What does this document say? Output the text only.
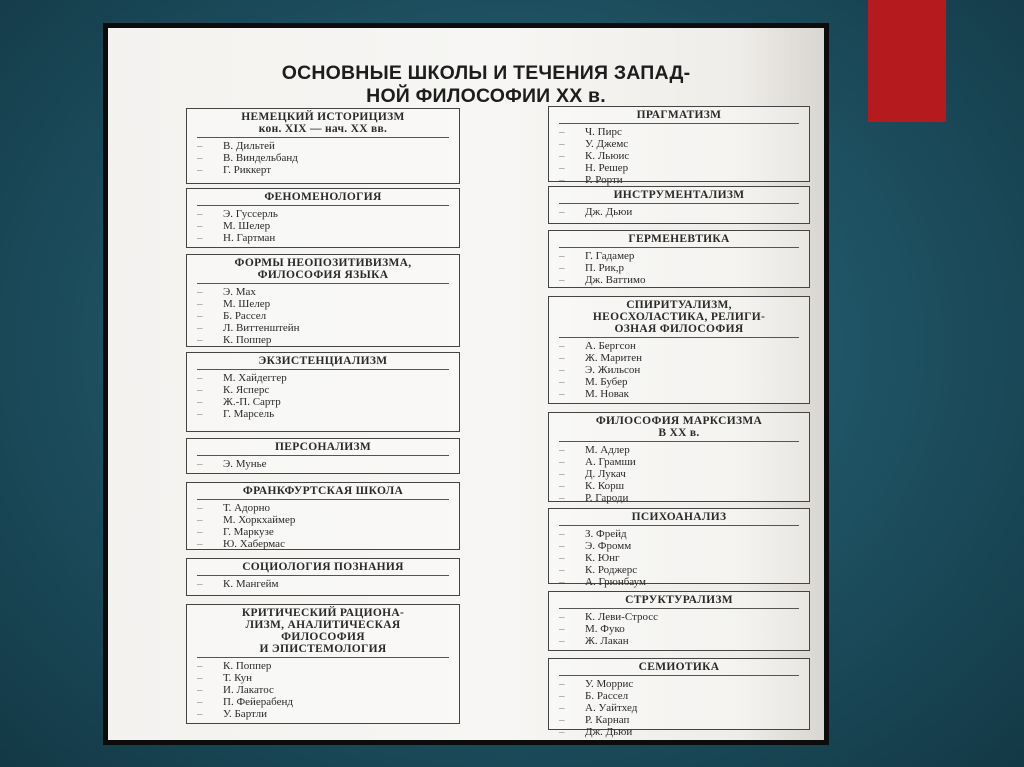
ОСНОВНЫЕ ШКОЛЫ И ТЕЧЕНИЯ ЗАПАД-
НОЙ ФИЛОСОФИИ XX в.
НЕМЕЦКИЙ ИСТОРИЦИЗМ
кон. XIX — нач. XX вв.
– В. Дильтей
– В. Виндельбанд
– Г. Риккерт
ФЕНОМЕНОЛОГИЯ
– Э. Гуссерль
– М. Шелер
– Н. Гартман
ФОРМЫ НЕОПОЗИТИВИЗМА,
ФИЛОСОФИЯ ЯЗЫКА
– Э. Мах
– М. Шелер
– Б. Рассел
– Л. Виттенштейн
– К. Поппер
ЭКЗИСТЕНЦИАЛИЗМ
– М. Хайдеггер
– К. Ясперс
– Ж.-П. Сартр
– Г. Марсель
ПЕРСОНАЛИЗМ
– Э. Мунье
ФРАНКФУРТСКАЯ ШКОЛА
– Т. Адорно
– М. Хоркхаймер
– Г. Маркузе
– Ю. Хабермас
СОЦИОЛОГИЯ ПОЗНАНИЯ
– К. Мангейм
КРИТИЧЕСКИЙ РАЦИОНА-
ЛИЗМ, АНАЛИТИЧЕСКАЯ
ФИЛОСОФИЯ
И ЭПИСТЕМОЛОГИЯ
– К. Поппер
– Т. Кун
– И. Лакатос
– П. Фейерабенд
– У. Бартли
ПРАГМАТИЗМ
– Ч. Пирс
– У. Джемс
– К. Льюис
– Н. Решер
– Р. Рорти
ИНСТРУМЕНТАЛИЗМ
– Дж. Дьюи
ГЕРМЕНЕВТИКА
– Г. Гадамер
– П. Рик,р
– Дж. Ваттимо
СПИРИТУАЛИЗМ,
НЕОСХОЛАСТИКА, РЕЛИГИ-
ОЗНАЯ ФИЛОСОФИЯ
– А. Бергсон
– Ж. Маритен
– Э. Жильсон
– М. Бубер
– М. Новак
ФИЛОСОФИЯ МАРКСИЗМА
В XX в.
– М. Адлер
– А. Грамши
– Д. Лукач
– К. Корш
– Р. Гароди
ПСИХОАНАЛИЗ
– З. Фрейд
– Э. Фромм
– К. Юнг
– К. Роджерс
– А. Грюнбаум
СТРУКТУРАЛИЗМ
– К. Леви-Стросс
– М. Фуко
– Ж. Лакан
СЕМИОТИКА
– У. Моррис
– Б. Рассел
– А. Уайтхед
– Р. Карнап
– Дж. Дьюи
